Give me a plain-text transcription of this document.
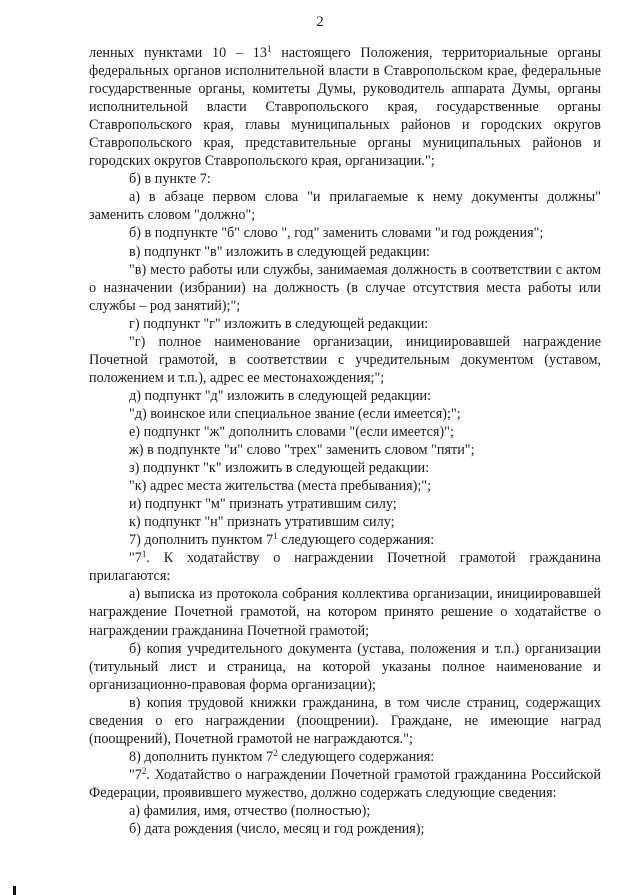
2

ленных пунктами $10 - 13^1$ настоящего Положения, территориальные органы федеральных органов исполнительной власти в Ставропольском крае, федеральные государственные органы, комитеты Думы, руководитель аппарата Думы, органы исполнительной власти Ставропольского края, государственные органы Ставропольского края, главы муниципальных районов и городских округов Ставропольского края, представительные органы муниципальных районов и городских округов Ставропольского края, организации.";

б) в пункте 7:

а) в абзаце первом слова "и прилагаемые к нему документы должны" заменить словом "должно";

б) в подпункте "б" слово ", год" заменить словами "и год рождения";

в) подпункт "в" изложить в следующей редакции:

"в) место работы или службы, занимаемая должность в соответствии с актом о назначении (избрании) на должность (в случае отсутствия места работы или службы – род занятий);";

г) подпункт "г" изложить в следующей редакции:

"г) полное наименование организации, инициировавшей награждение Почетной грамотой, в соответствии с учредительным документом (уставом, положением и т.п.), адрес ее местонахождения;";

д) подпункт "д" изложить в следующей редакции:

"д) воинское или специальное звание (если имеется);";

е) подпункт "ж" дополнить словами "(если имеется)";

ж) в подпункте "и" слово "трех" заменить словом "пяти";

з) подпункт "к" изложить в следующей редакции:

"к) адрес места жительства (места пребывания);";

и) подпункт "м" признать утратившим силу;

к) подпункт "н" признать утратившим силу;

7) дополнить пунктом $7^1$ следующего содержания:

"$7^1$. К ходатайству о награждении Почетной грамотой гражданина прилагаются:

а) выписка из протокола собрания коллектива организации, инициировавшей награждение Почетной грамотой, на котором принято решение о ходатайстве о награждении гражданина Почетной грамотой;

б) копия учредительного документа (устава, положения и т.п.) организации (титульный лист и страница, на которой указаны полное наименование и организационно-правовая форма организации);

в) копия трудовой книжки гражданина, в том числе страниц, содержащих сведения о его награждении (поощрении). Граждане, не имеющие наград (поощрений), Почетной грамотой не награждаются.";

8) дополнить пунктом $7^2$ следующего содержания:

"$7^2$. Ходатайство о награждении Почетной грамотой гражданина Российской Федерации, проявившего мужество, должно содержать следующие сведения:

а) фамилия, имя, отчество (полностью);

б) дата рождения (число, месяц и год рождения);
